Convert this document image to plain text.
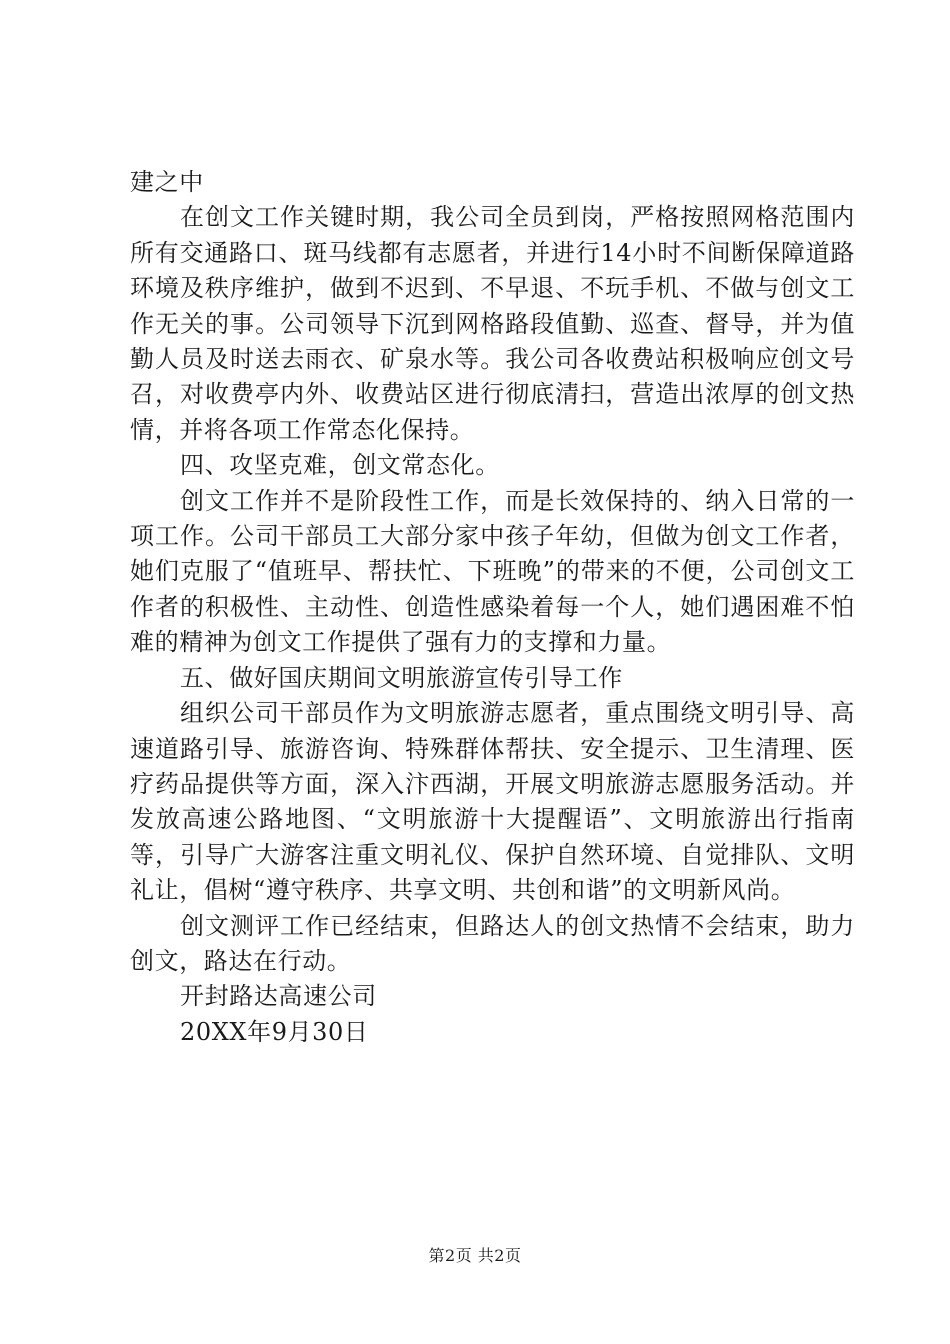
建之中

在创文工作关键时期，我公司全员到岗，严格按照网格范围内所有交通路口、斑马线都有志愿者，并进行14小时不间断保障道路环境及秩序维护，做到不迟到、不早退、不玩手机、不做与创文工作无关的事。公司领导下沉到网格路段值勤、巡查、督导，并为值勤人员及时送去雨衣、矿泉水等。我公司各收费站积极响应创文号召，对收费亭内外、收费站区进行彻底清扫，营造出浓厚的创文热情，并将各项工作常态化保持。

四、攻坚克难，创文常态化。

创文工作并不是阶段性工作，而是长效保持的、纳入日常的一项工作。公司干部员工大部分家中孩子年幼，但做为创文工作者，她们克服了“值班早、帮扶忙、下班晚”的带来的不便，公司创文工作者的积极性、主动性、创造性感染着每一个人，她们遇困难不怕难的精神为创文工作提供了强有力的支撑和力量。

五、做好国庆期间文明旅游宣传引导工作

组织公司干部员作为文明旅游志愿者，重点围绕文明引导、高速道路引导、旅游咨询、特殊群体帮扶、安全提示、卫生清理、医疗药品提供等方面，深入汴西湖，开展文明旅游志愿服务活动。并发放高速公路地图、“文明旅游十大提醒语”、文明旅游出行指南等，引导广大游客注重文明礼仪、保护自然环境、自觉排队、文明礼让，倡树“遵守秩序、共享文明、共创和谐”的文明新风尚。

创文测评工作已经结束，但路达人的创文热情不会结束，助力创文，路达在行动。

开封路达高速公司

20XX年9月30日

第2页 共2页
